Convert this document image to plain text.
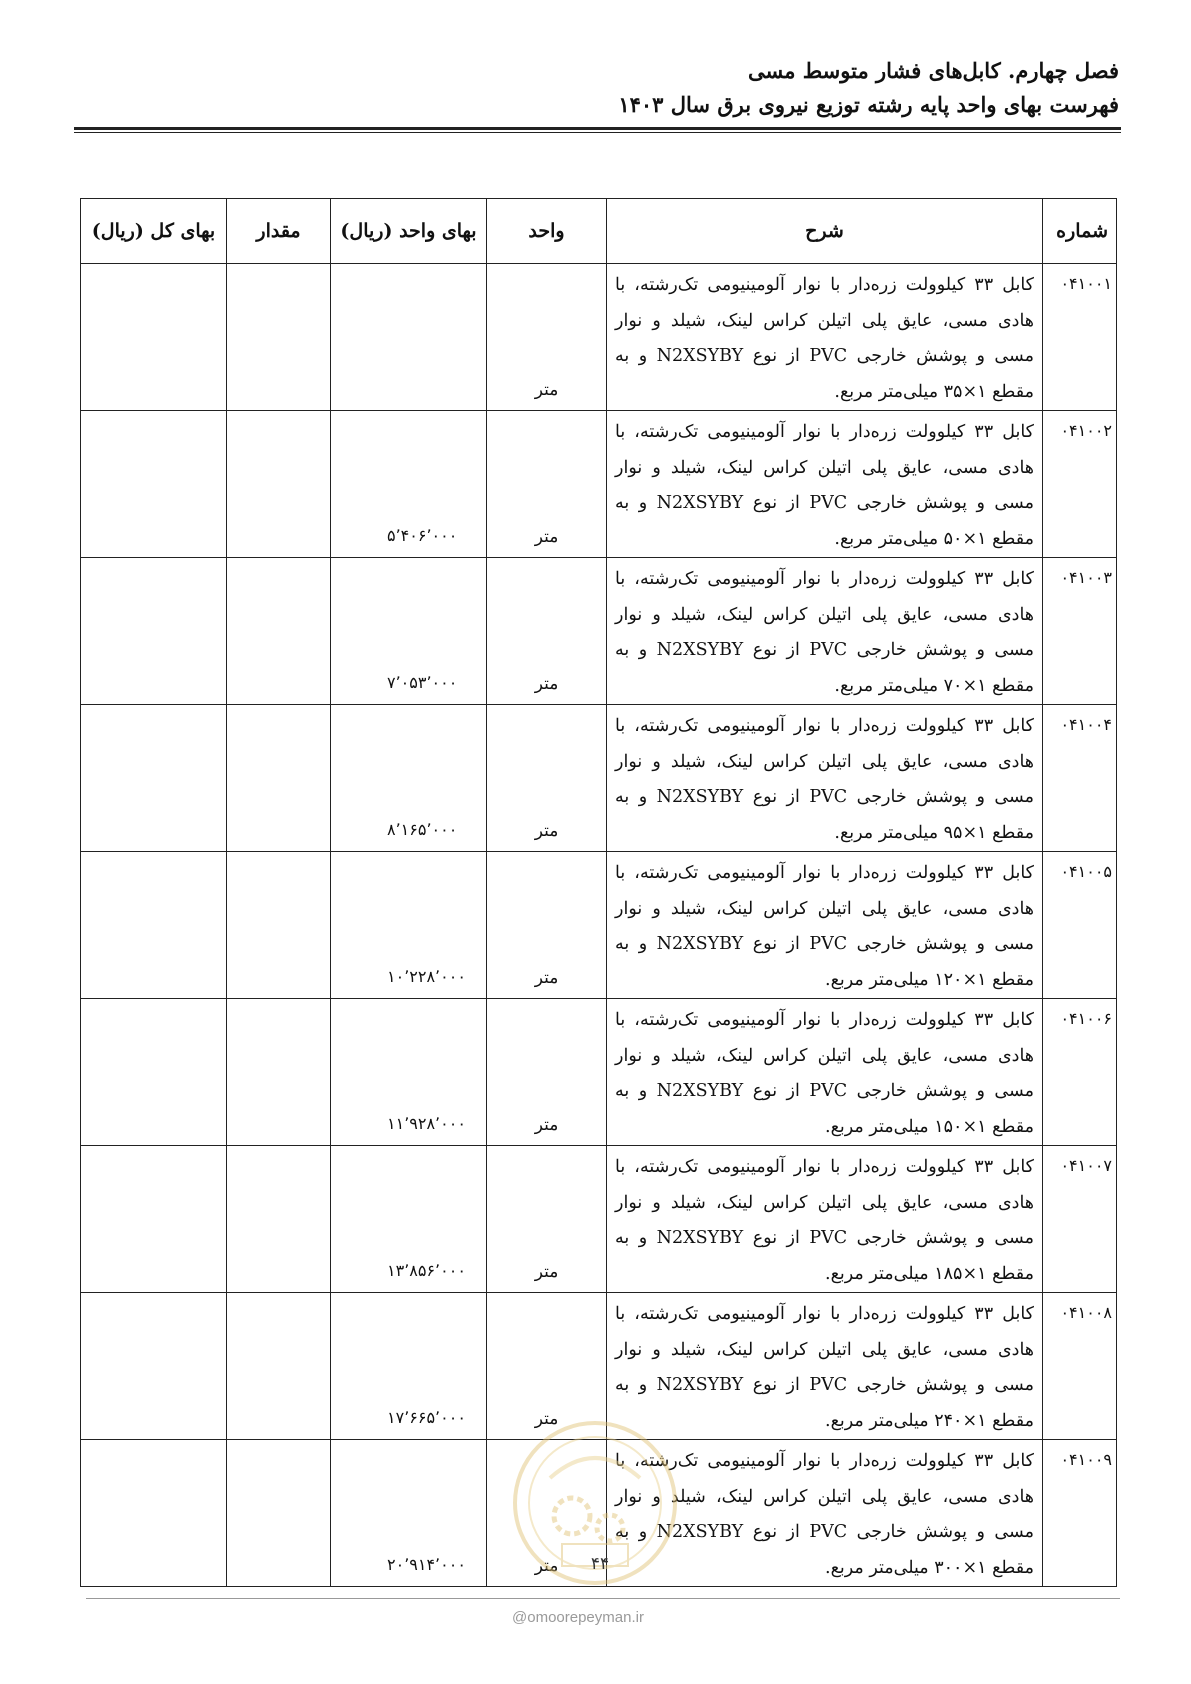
فصل چهارم. کابل‌های فشار متوسط مسی
فهرست بهای واحد پایه رشته توزیع نیروی برق سال ۱۴۰۳
شماره	شرح	واحد	بهای واحد (ریال)	مقدار	بهای کل (ریال)
۰۴۱۰۰۱	کابل ۳۳ کیلوولت زره‌دار با نوار آلومینیومی تک‌رشته، با هادی مسی، عایق پلی اتیلن کراس لینک، شیلد و نوار مسی و پوشش خارجی PVC از نوع N2XSYBY و به مقطع ۱×۳۵ میلی‌متر مربع.	متر			
۰۴۱۰۰۲	کابل ۳۳ کیلوولت زره‌دار با نوار آلومینیومی تک‌رشته، با هادی مسی، عایق پلی اتیلن کراس لینک، شیلد و نوار مسی و پوشش خارجی PVC از نوع N2XSYBY و به مقطع ۱×۵۰ میلی‌متر مربع.	متر	۵٬۴۰۶٬۰۰۰		
۰۴۱۰۰۳	کابل ۳۳ کیلوولت زره‌دار با نوار آلومینیومی تک‌رشته، با هادی مسی، عایق پلی اتیلن کراس لینک، شیلد و نوار مسی و پوشش خارجی PVC از نوع N2XSYBY و به مقطع ۱×۷۰ میلی‌متر مربع.	متر	۷٬۰۵۳٬۰۰۰		
۰۴۱۰۰۴	کابل ۳۳ کیلوولت زره‌دار با نوار آلومینیومی تک‌رشته، با هادی مسی، عایق پلی اتیلن کراس لینک، شیلد و نوار مسی و پوشش خارجی PVC از نوع N2XSYBY و به مقطع ۱×۹۵ میلی‌متر مربع.	متر	۸٬۱۶۵٬۰۰۰		
۰۴۱۰۰۵	کابل ۳۳ کیلوولت زره‌دار با نوار آلومینیومی تک‌رشته، با هادی مسی، عایق پلی اتیلن کراس لینک، شیلد و نوار مسی و پوشش خارجی PVC از نوع N2XSYBY و به مقطع ۱×۱۲۰ میلی‌متر مربع.	متر	۱۰٬۲۲۸٬۰۰۰		
۰۴۱۰۰۶	کابل ۳۳ کیلوولت زره‌دار با نوار آلومینیومی تک‌رشته، با هادی مسی، عایق پلی اتیلن کراس لینک، شیلد و نوار مسی و پوشش خارجی PVC از نوع N2XSYBY و به مقطع ۱×۱۵۰ میلی‌متر مربع.	متر	۱۱٬۹۲۸٬۰۰۰		
۰۴۱۰۰۷	کابل ۳۳ کیلوولت زره‌دار با نوار آلومینیومی تک‌رشته، با هادی مسی، عایق پلی اتیلن کراس لینک، شیلد و نوار مسی و پوشش خارجی PVC از نوع N2XSYBY و به مقطع ۱×۱۸۵ میلی‌متر مربع.	متر	۱۳٬۸۵۶٬۰۰۰		
۰۴۱۰۰۸	کابل ۳۳ کیلوولت زره‌دار با نوار آلومینیومی تک‌رشته، با هادی مسی، عایق پلی اتیلن کراس لینک، شیلد و نوار مسی و پوشش خارجی PVC از نوع N2XSYBY و به مقطع ۱×۲۴۰ میلی‌متر مربع.	متر	۱۷٬۶۶۵٬۰۰۰		
۰۴۱۰۰۹	کابل ۳۳ کیلوولت زره‌دار با نوار آلومینیومی تک‌رشته، با هادی مسی، عایق پلی اتیلن کراس لینک، شیلد و نوار مسی و پوشش خارجی PVC از نوع N2XSYBY و به مقطع ۱×۳۰۰ میلی‌متر مربع.	متر	۲۰٬۹۱۴٬۰۰۰			۴۴
@omoorepeyman.ir
